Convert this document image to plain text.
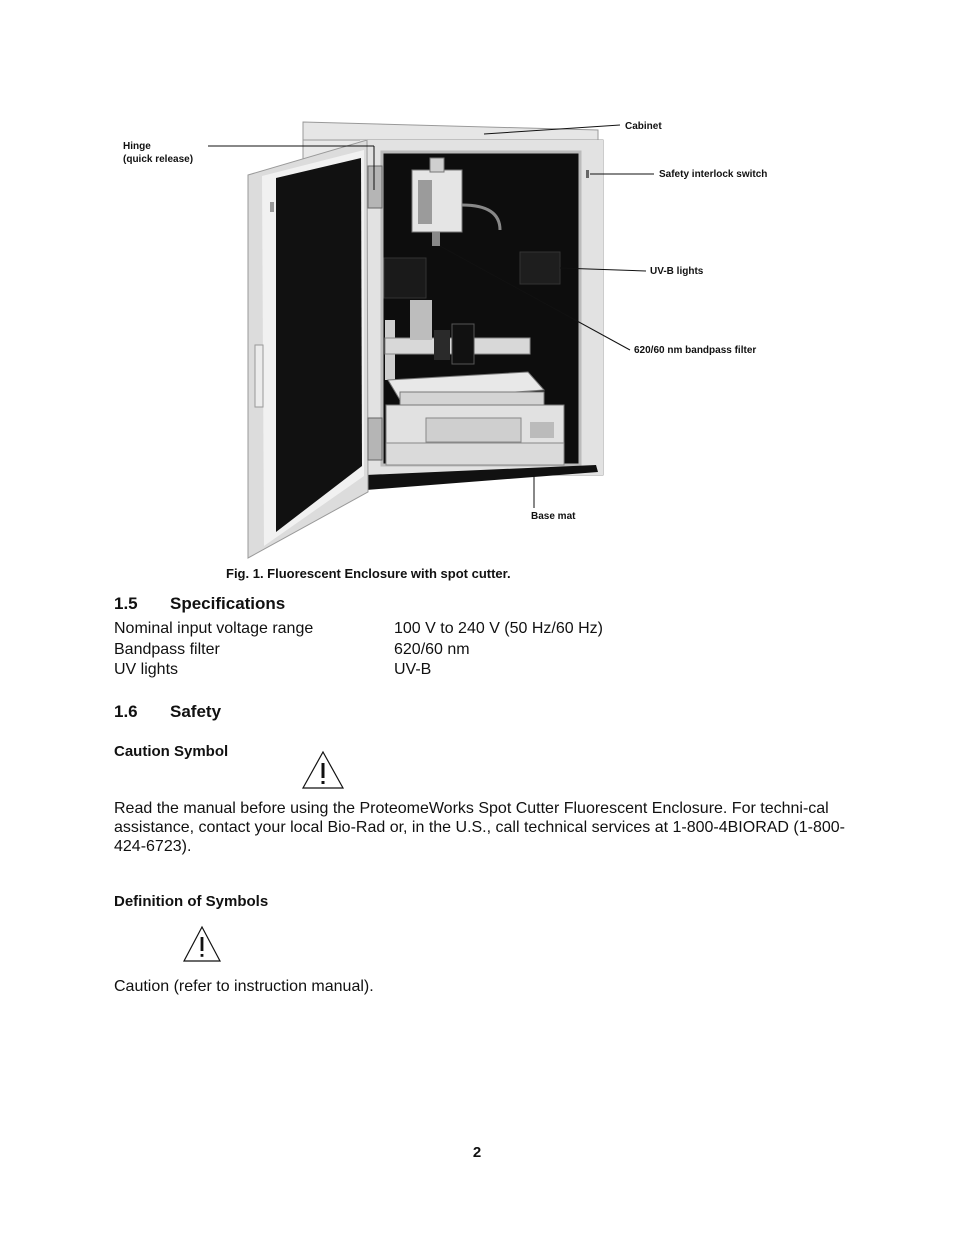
Cabinet
Hinge
(quick release)
Safety interlock switch
UV-B lights
620/60 nm bandpass filter
Base mat
Fig. 1. Fluorescent Enclosure with spot cutter.
1.5 Specifications
Nominal input voltage range	100 V to 240 V (50 Hz/60 Hz)
Bandpass filter	620/60 nm
UV lights	UV-B
1.6 Safety
Caution Symbol
Read the manual before using the ProteomeWorks Spot Cutter Fluorescent Enclosure. For techni-cal assistance, contact your local Bio-Rad or, in the U.S., call technical services at 1-800-4BIORAD (1-800-424-6723).
Definition of Symbols
Caution (refer to instruction manual).
2
